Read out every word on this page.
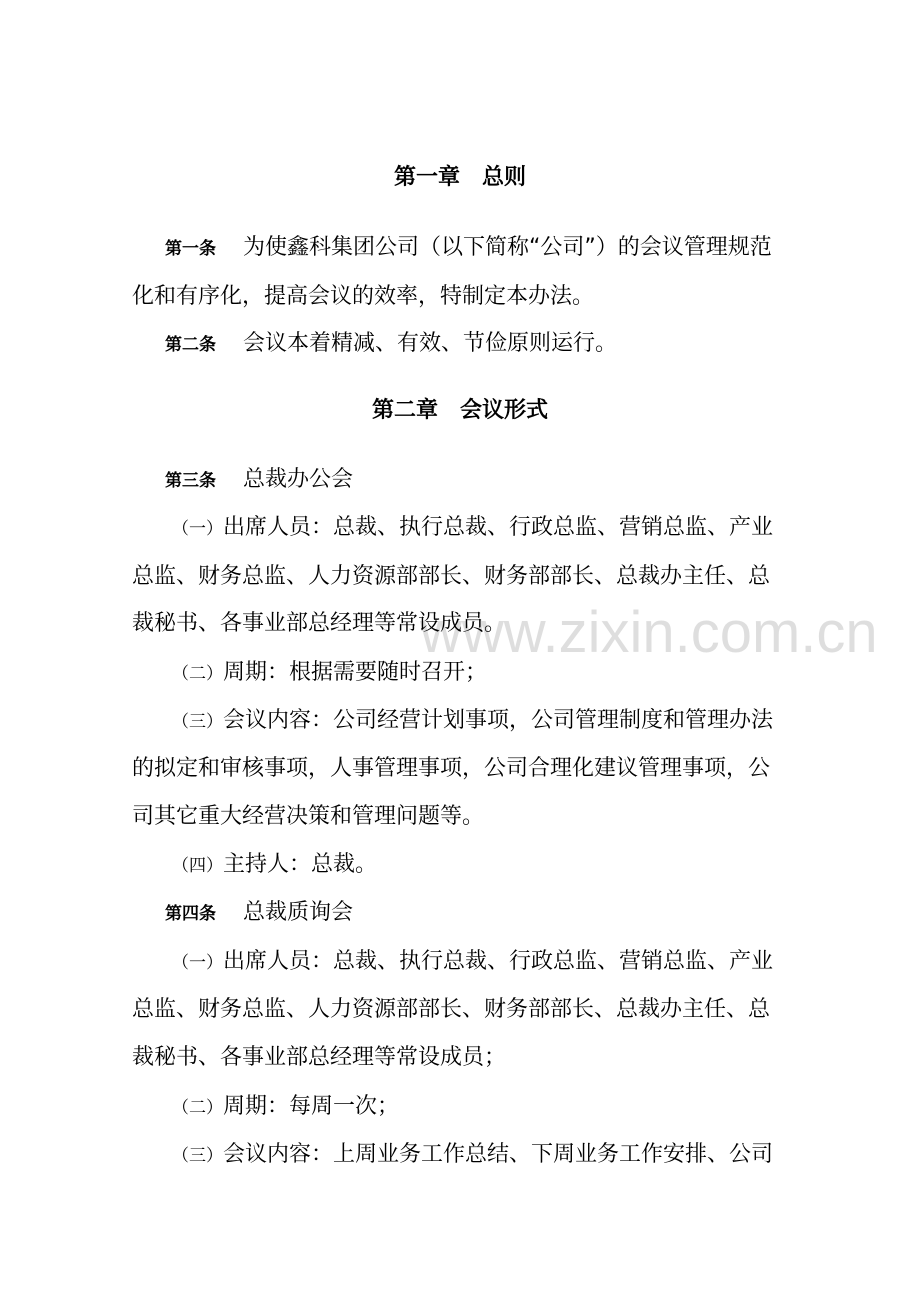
www.zixin.com.cn
第一章　总则
第一条 为使鑫科集团公司（以下简称“公司”）的会议管理规范
化和有序化，提高会议的效率，特制定本办法。
第二条 会议本着精减、有效、节俭原则运行。
第二章　会议形式
第三条 总裁办公会
（一）出席人员：总裁、执行总裁、行政总监、营销总监、产业
总监、财务总监、人力资源部部长、财务部部长、总裁办主任、总
裁秘书、各事业部总经理等常设成员。
（二）周期：根据需要随时召开；
（三）会议内容：公司经营计划事项，公司管理制度和管理办法
的拟定和审核事项，人事管理事项，公司合理化建议管理事项，公
司其它重大经营决策和管理问题等。
（四）主持人：总裁。
第四条 总裁质询会
（一）出席人员：总裁、执行总裁、行政总监、营销总监、产业
总监、财务总监、人力资源部部长、财务部部长、总裁办主任、总
裁秘书、各事业部总经理等常设成员；
（二）周期：每周一次；
（三）会议内容：上周业务工作总结、下周业务工作安排、公司
